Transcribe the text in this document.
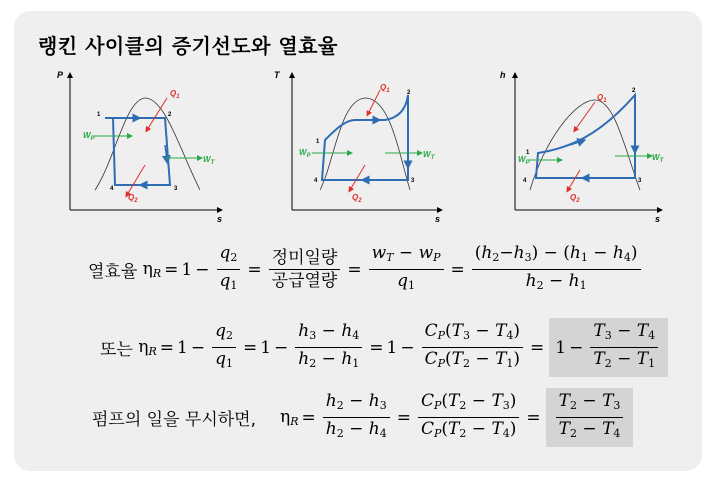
랭킨 사이클의 증기선도와 열효율
P
s
$Q_1$
$Q_2$
$W_P$
$W_T$
1	2
3
4
T
s
$Q_1$
$Q_2$
$W_P$	$W_T$
1
2
3
4
h
s
$Q_1$
$Q_2$
$W_P$
$W_T$
1
2
3
4
열효율 $\eta_R = 1 - \frac{q_2}{q_1} = \frac{\text{정미일량}}{\text{공급열량}} = \frac{w_T - w_P}{q_1} = \frac{(h_2-h_3) - (h_1 - h_4)}{h_2 - h_1}$
또는 $\eta_R = 1 - \frac{q_2}{q_1} = 1 - \frac{h_3 - h_4}{h_2 - h_1} = 1 - \frac{C_P(T_3 - T_4)}{C_P(T_2 - T_1)} = 1 - \frac{T_3 - T_4}{T_2 - T_1}$
펌프의 일을 무시하면, $\eta_R = \frac{h_2 - h_3}{h_2 - h_4} = \frac{C_P(T_2 - T_3)}{C_P(T_2 - T_4)} = \frac{T_2 - T_3}{T_2 - T_4}$
